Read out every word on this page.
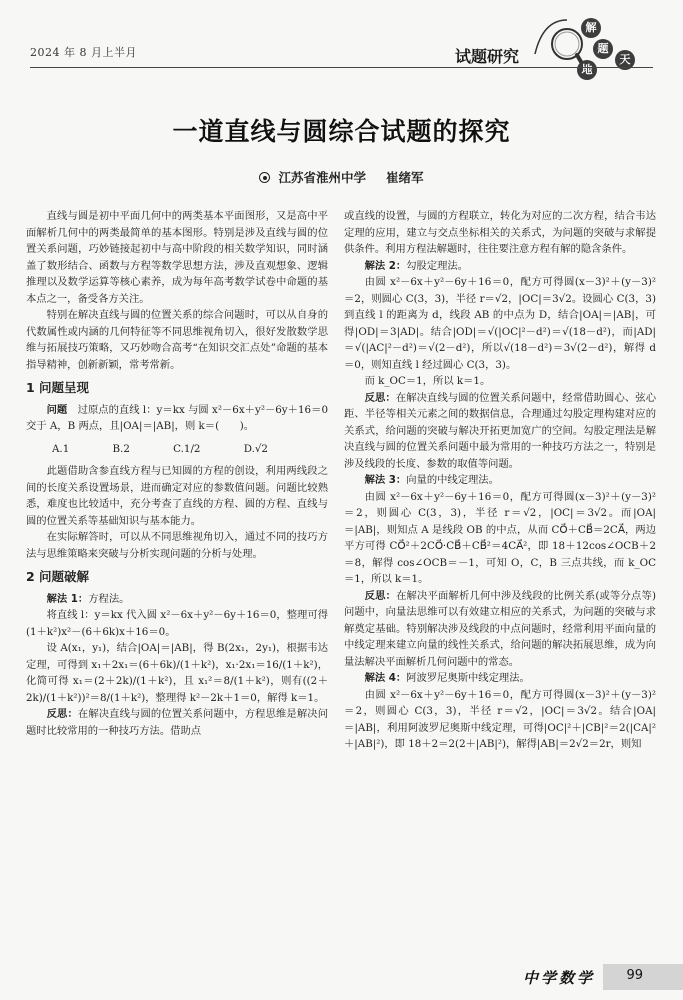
2024 年 8 月上半月	试题研究
解
题
天
地
一道直线与圆综合试题的探究
江苏省淮州中学 崔绪军

直线与圆是初中平面几何中的两类基本平面图形，又是高中平面解析几何中的两类最简单的基本图形。特别是涉及直线与圆的位置关系问题，巧妙链接起初中与高中阶段的相关数学知识，同时涵盖了数形结合、函数与方程等数学思想方法，涉及直观想象、逻辑推理以及数学运算等核心素养，成为每年高考数学试卷中命题的基本点之一，备受各方关注。

特别在解决直线与圆的位置关系的综合问题时，可以从自身的代数属性或内涵的几何特征等不同思维视角切入，很好发散数学思维与拓展技巧策略，又巧妙吻合高考“在知识交汇点处”命题的基本指导精神，创新新颖，常考常新。

1 问题呈现

问题　 过原点的直线 l：y＝kx 与圆 x²－6x＋y²－6y＋16＝0 交于 A，B 两点，且|OA|＝|AB|，则 k＝(　　)。

A.1	B.2	C.1/2	D.√2

此题借助含参直线方程与已知圆的方程的创设，利用两线段之间的长度关系设置场景，进而确定对应的参数值问题。问题比较熟悉，难度也比较适中，充分考查了直线的方程、圆的方程、直线与圆的位置关系等基础知识与基本能力。

在实际解答时，可以从不同思维视角切入，通过不同的技巧方法与思维策略来突破与分析实现问题的分析与处理。

2 问题破解

解法 1：方程法。

将直线 l：y＝kx 代入圆 x²－6x＋y²－6y＋16＝0，整理可得(1＋k²)x²－(6＋6k)x＋16＝0。

设 A(x₁，y₁)，结合|OA|＝|AB|，得 B(2x₁，2y₁)，根据韦达定理，可得到 x₁＋2x₁＝(6＋6k)/(1＋k²)，x₁·2x₁＝16/(1＋k²)，化简可得 x₁＝(2＋2k)/(1＋k²)，且 x₁²＝8/(1＋k²)，则有((2＋2k)/(1＋k²))²＝8/(1＋k²)，整理得 k²－2k＋1＝0，解得 k＝1。

反思：在解决直线与圆的位置关系问题中，方程思维是解决问题时比较常用的一种技巧方法。借助点

或直线的设置，与圆的方程联立，转化为对应的二次方程，结合韦达定理的应用，建立与交点坐标相关的关系式，为问题的突破与求解提供条件。利用方程法解题时，往往要注意方程有解的隐含条件。

解法 2：勾股定理法。

由圆 x²－6x＋y²－6y＋16＝0，配方可得圆(x－3)²＋(y－3)²＝2，则圆心 C(3，3)，半径 r＝√2，|OC|＝3√2。设圆心 C(3，3)到直线 l 的距离为 d，线段 AB 的中点为 D，结合|OA|＝|AB|，可得|OD|＝3|AD|。结合|OD|＝√(|OC|²－d²)＝√(18－d²)，而|AD|＝√(|AC|²－d²)＝√(2－d²)，所以√(18－d²)＝3√(2－d²)，解得 d＝0，则知直线 l 经过圆心 C(3，3)。

而 k_OC＝1，所以 k＝1。

反思：在解决直线与圆的位置关系问题中，经常借助圆心、弦心距、半径等相关元素之间的数据信息，合理通过勾股定理构建对应的关系式，给问题的突破与解决开拓更加宽广的空间。勾股定理法是解决直线与圆的位置关系问题中最为常用的一种技巧方法之一，特别是涉及线段的长度、参数的取值等问题。

解法 3：向量的中线定理法。

由圆 x²－6x＋y²－6y＋16＝0，配方可得圆(x－3)²＋(y－3)²＝2，则圆心 C(3，3)，半径 r＝√2，|OC|＝3√2。而|OA|＝|AB|，则知点 A 是线段 OB 的中点，从而 CO⃗＋CB⃗＝2CA⃗，两边平方可得 CO⃗²＋2CO⃗·CB⃗＋CB⃗²＝4CA⃗²，即 18＋12cos∠OCB＋2＝8，解得 cos∠OCB＝－1，可知 O，C，B 三点共线，而 k_OC＝1，所以 k＝1。

反思：在解决平面解析几何中涉及线段的比例关系(或等分点等)问题中，向量法思维可以有效建立相应的关系式，为问题的突破与求解奠定基础。特别解决涉及线段的中点问题时，经常利用平面向量的中线定理来建立向量的线性关系式，给问题的解决拓展思维，成为向量法解决平面解析几何问题中的常态。

解法 4：阿波罗尼奥斯中线定理法。

由圆 x²－6x＋y²－6y＋16＝0，配方可得圆(x－3)²＋(y－3)²＝2，则圆心 C(3，3)，半径 r＝√2，|OC|＝3√2。结合|OA|＝|AB|，利用阿波罗尼奥斯中线定理，可得|OC|²＋|CB|²＝2(|CA|²＋|AB|²)，即 18＋2＝2(2＋|AB|²)，解得|AB|＝2√2＝2r，则知

中学数学 99
